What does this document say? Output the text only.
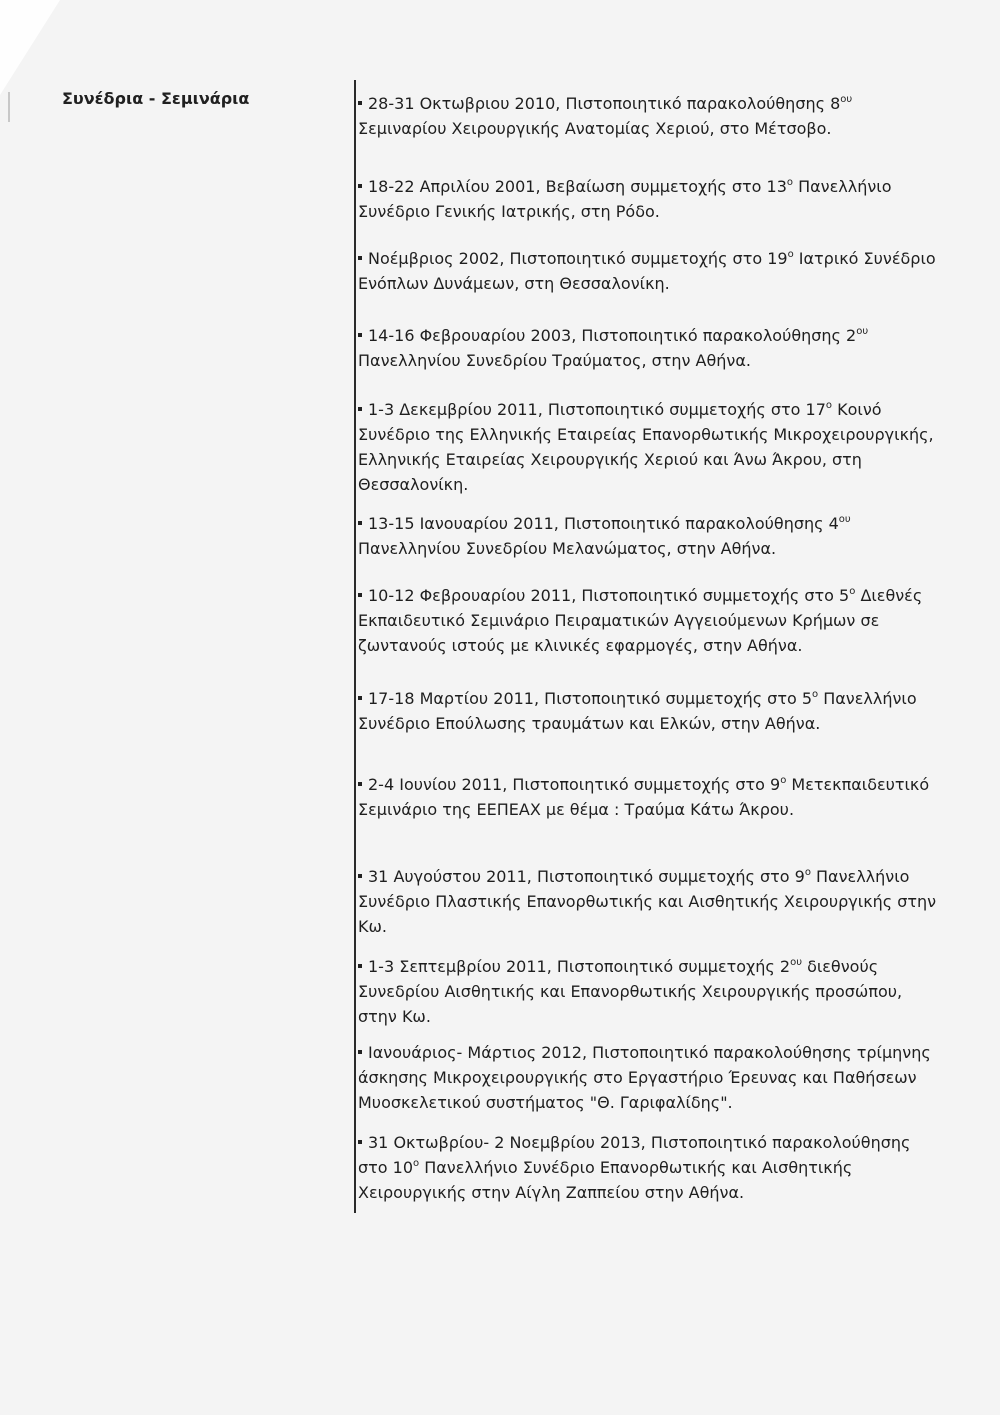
Συνέδρια - Σεμινάρια	28-31 Οκτωβριου 2010, Πιστοποιητικό παρακολούθησης $8^{o\upsilon}$ Σεμιναρίου Χειρουργικής Ανατομίας Χεριού, στο Μέτσοβο.
18-22 Απριλίου 2001, Βεβαίωση συμμετοχής στο $13^o$ Πανελλήνιο Συνέδριο Γενικής Ιατρικής, στη Ρόδο.
Νοέμβριος 2002, Πιστοποιητικό συμμετοχής στο $19^o$ Ιατρικό Συνέδριο Ενόπλων Δυνάμεων, στη Θεσσαλονίκη.
14-16 Φεβρουαρίου 2003, Πιστοποιητικό παρακολούθησης $2^{o\upsilon}$ Πανελληνίου Συνεδρίου Τραύματος, στην Αθήνα.
1-3 Δεκεμβρίου 2011, Πιστοποιητικό συμμετοχής στο $17^o$ Κοινό Συνέδριο της Ελληνικής Εταιρείας Επανορθωτικής Μικροχειρουργικής, Ελληνικής Εταιρείας Χειρουργικής Χεριού και Άνω Άκρου, στη Θεσσαλονίκη.
13-15 Ιανουαρίου 2011, Πιστοποιητικό παρακολούθησης $4^{o\upsilon}$ Πανελληνίου Συνεδρίου Μελανώματος, στην Αθήνα.
10-12 Φεβρουαρίου 2011, Πιστοποιητικό συμμετοχής στο $5^o$ Διεθνές Εκπαιδευτικό Σεμινάριο Πειραματικών Αγγειούμενων Κρήμων σε ζωντανούς ιστούς με κλινικές εφαρμογές, στην Αθήνα.
17-18 Μαρτίου 2011, Πιστοποιητικό συμμετοχής στο $5^o$ Πανελλήνιο Συνέδριο Επούλωσης τραυμάτων και Ελκών, στην Αθήνα.
2-4 Ιουνίου 2011, Πιστοποιητικό συμμετοχής στο $9^o$ Μετεκπαιδευτικό Σεμινάριο της ΕΕΠΕΑΧ με θέμα : Τραύμα Κάτω Άκρου.
31 Αυγούστου 2011, Πιστοποιητικό συμμετοχής στο $9^o$ Πανελλήνιο Συνέδριο Πλαστικής Επανορθωτικής και Αισθητικής Χειρουργικής στην Κω.
1-3 Σεπτεμβρίου 2011, Πιστοποιητικό συμμετοχής $2^{o\upsilon}$ διεθνούς Συνεδρίου Αισθητικής και Επανορθωτικής Χειρουργικής προσώπου, στην Κω.
Ιανουάριος- Μάρτιος 2012, Πιστοποιητικό παρακολούθησης τρίμηνης άσκησης Μικροχειρουργικής στο Εργαστήριο Έρευνας και Παθήσεων Μυοσκελετικού συστήματος "Θ. Γαριφαλίδης".
31 Οκτωβρίου- 2 Νοεμβρίου 2013, Πιστοποιητικό παρακολούθησης στο $10^o$ Πανελλήνιο Συνέδριο Επανορθωτικής και Αισθητικής Χειρουργικής στην Αίγλη Ζαππείου στην Αθήνα.
